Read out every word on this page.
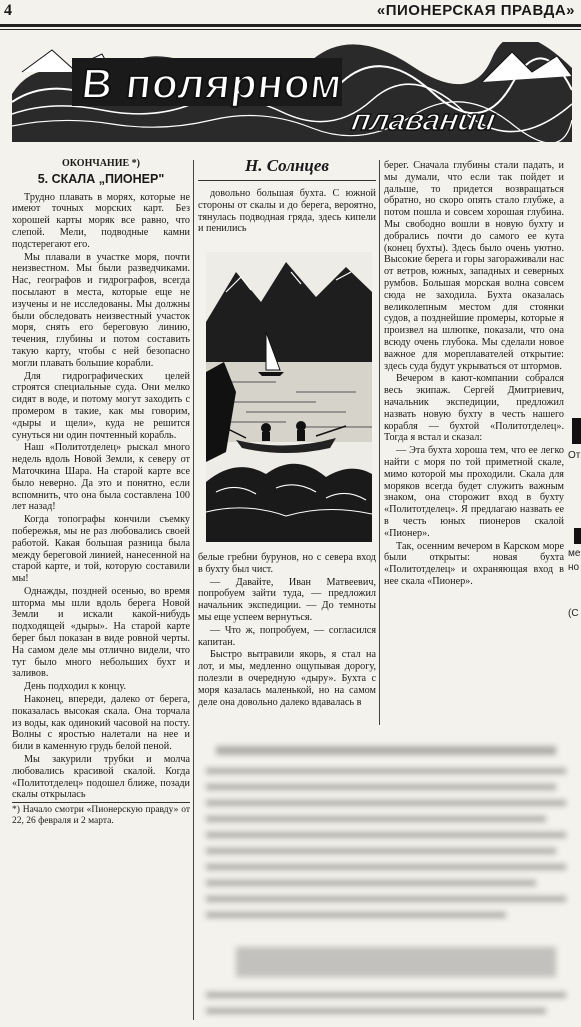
4	«ПИОНЕРСКАЯ ПРАВДА»
В полярном
плавании
ОКОНЧАНИЕ *)
5. СКАЛА „ПИОНЕР"

Трудно плавать в морях, которые не имеют точных морских карт. Без хорошей карты моряк все равно, что слепой. Мели, подводные камни подстерегают его.

Мы плавали в участке моря, почти неизвестном. Мы были разведчиками. Нас, географов и гидрографов, всегда посылают в места, которые еще не изучены и не исследованы. Мы должны были обследовать неизвестный участок моря, снять его береговую линию, течения, глубины и потом составить такую карту, чтобы с ней безопасно могли плавать большие корабли.

Для гидрографических целей строятся специальные суда. Они мелко сидят в воде, и потому могут заходить с промером в такие, как мы говорим, «дыры и щели», куда не решится сунуться ни один почтенный корабль.

Наш «Политотделец» рыскал много недель вдоль Новой Земли, к северу от Маточкина Шара. На старой карте все было неверно. Да это и понятно, если вспомнить, что она была составлена 100 лет назад!

Когда топографы кончили съемку побережья, мы не раз любовались своей работой. Какая большая разница была между береговой линией, нанесенной на старой карте, и той, которую составили мы!

Однажды, поздней осенью, во время шторма мы шли вдоль берега Новой Земли и искали какой-нибудь подходящей «дыры». На старой карте берег был показан в виде ровной черты. На самом деле мы отлично видели, что тут было много небольших бухт и заливов.

День подходил к концу.

Наконец, впереди, далеко от берега, показалась высокая скала. Она торчала из воды, как одинокий часовой на посту. Волны с яростью налетали на нее и били в каменную грудь белой пеной.

Мы закурили трубки и молча любовались красивой скалой. Когда «Политотделец» подошел ближе, позади скалы открылась

*) Начало смотри «Пионерскую правду» от 22, 26 февраля и 2 марта.

Н. Солнцев

довольно большая бухта. С южной стороны от скалы и до берега, вероятно, тянулась подводная гряда, здесь кипели и пенились

белые гребни бурунов, но с севера вход в бухту был чист.

— Давайте, Иван Матвеевич, попробуем зайти туда, — предложил начальник экспедиции. — До темноты мы еще успеем вернуться.

— Что ж, попробуем, — согласился капитан.

Быстро вытравили якорь, я стал на лот, и мы, медленно ощупывая дорогу, полезли в очередную «дыру». Бухта с моря казалась маленькой, но на самом деле она довольно далеко вдавалась в

берег. Сначала глубины стали падать, и мы думали, что если так пойдет и дальше, то придется возвращаться обратно, но скоро опять стало глубже, а потом пошла и совсем хорошая глубина. Мы свободно вошли в новую бухту и добрались почти до самого ее кута (конец бухты). Здесь было очень уютно. Высокие берега и горы загораживали нас от ветров, южных, западных и северных румбов. Большая морская волна совсем сюда не заходила. Бухта оказалась великолепным местом для стоянки судов, а позднейшие промеры, которые я произвел на шлюпке, показали, что она всюду очень глубока. Мы сделали новое важное для мореплавателей открытие: здесь суда будут укрываться от штормов.

Вечером в кают-компании собрался весь экипаж. Сергей Дмитриевич, начальник экспедиции, предложил назвать новую бухту в честь нашего корабля — бухтой «Политотделец». Тогда я встал и сказал:

— Эта бухта хороша тем, что ее легко найти с моря по той приметной скале, мимо которой мы проходили. Скала для моряков всегда будет служить важным знаком, она сторожит вход в бухту «Политотделец». Я предлагаю назвать ее в честь юных пионеров скалой «Пионер».

Так, осенним вечером в Карском море были открыты: новая бухта «Политотделец» и охраняющая вход в нее скала «Пионер».

От
ме
но
(С
